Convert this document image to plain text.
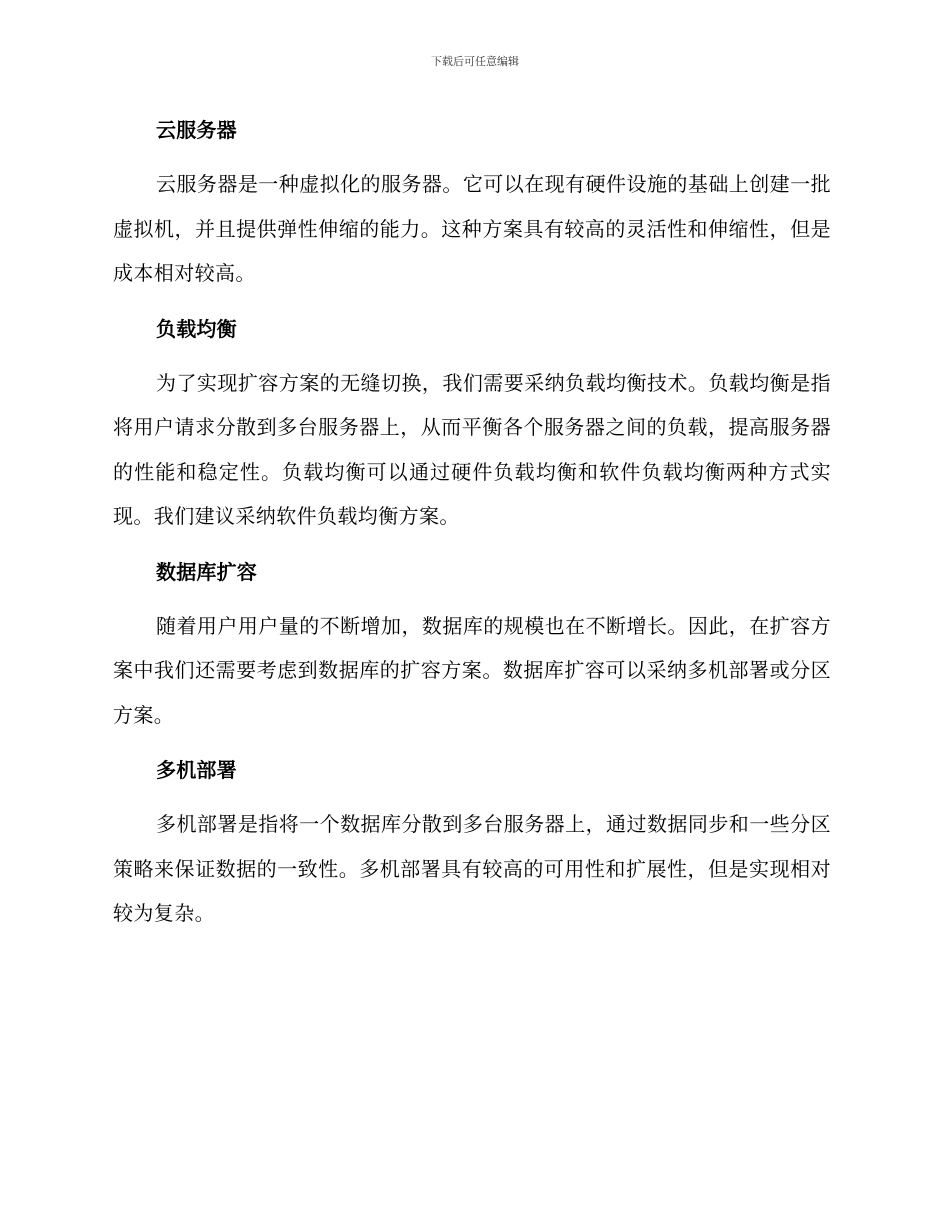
下载后可任意编辑
云服务器

云服务器是一种虚拟化的服务器。它可以在现有硬件设施的基础上创建一批虚拟机，并且提供弹性伸缩的能力。这种方案具有较高的灵活性和伸缩性，但是成本相对较高。

负载均衡

为了实现扩容方案的无缝切换，我们需要采纳负载均衡技术。负载均衡是指将用户请求分散到多台服务器上，从而平衡各个服务器之间的负载，提高服务器的性能和稳定性。负载均衡可以通过硬件负载均衡和软件负载均衡两种方式实现。我们建议采纳软件负载均衡方案。

数据库扩容

随着用户用户量的不断增加，数据库的规模也在不断增长。因此，在扩容方案中我们还需要考虑到数据库的扩容方案。数据库扩容可以采纳多机部署或分区方案。

多机部署

多机部署是指将一个数据库分散到多台服务器上，通过数据同步和一些分区策略来保证数据的一致性。多机部署具有较高的可用性和扩展性，但是实现相对较为复杂。
